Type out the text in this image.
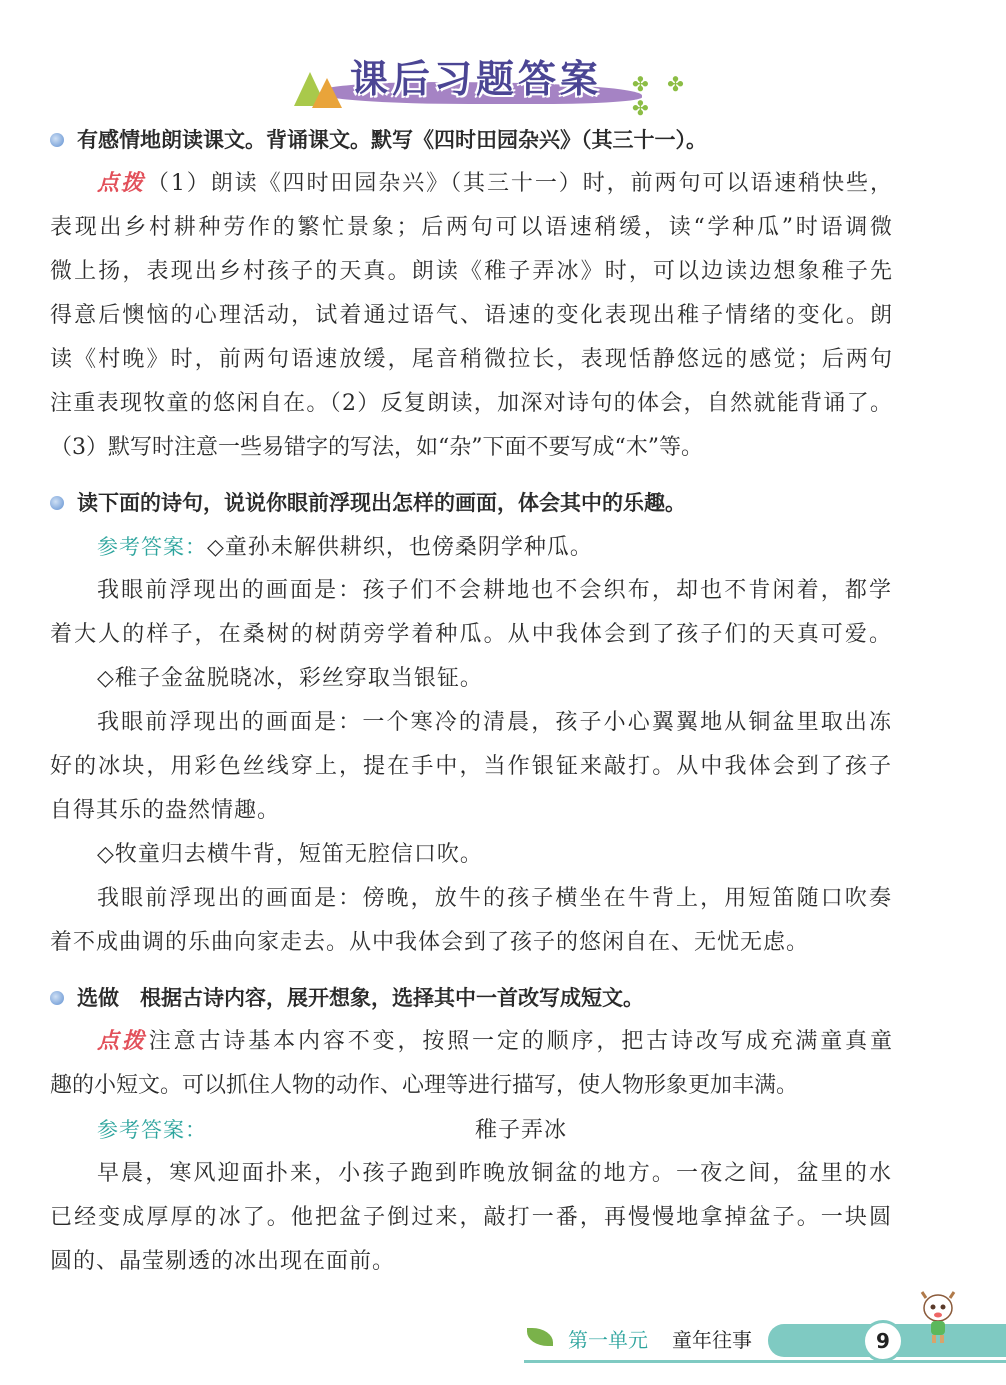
课后习题答案 ✤ ✤ ✤
有感情地朗读课文。背诵课文。默写《四时田园杂兴》（其三十一）。
点拨（1）朗读《四时田园杂兴》（其三十一）时，前两句可以语速稍快些，
表现出乡村耕种劳作的繁忙景象；后两句可以语速稍缓，读“学种瓜”时语调微
微上扬，表现出乡村孩子的天真。朗读《稚子弄冰》时，可以边读边想象稚子先
得意后懊恼的心理活动，试着通过语气、语速的变化表现出稚子情绪的变化。朗
读《村晚》时，前两句语速放缓，尾音稍微拉长，表现恬静悠远的感觉；后两句
注重表现牧童的悠闲自在。（2）反复朗读，加深对诗句的体会，自然就能背诵了。
（3）默写时注意一些易错字的写法，如“杂”下面不要写成“木”等。
读下面的诗句，说说你眼前浮现出怎样的画面，体会其中的乐趣。
参考答案：◇童孙未解供耕织，也傍桑阴学种瓜。
我眼前浮现出的画面是：孩子们不会耕地也不会织布，却也不肯闲着，都学
着大人的样子，在桑树的树荫旁学着种瓜。从中我体会到了孩子们的天真可爱。
◇稚子金盆脱晓冰，彩丝穿取当银钲。
我眼前浮现出的画面是：一个寒冷的清晨，孩子小心翼翼地从铜盆里取出冻
好的冰块，用彩色丝线穿上，提在手中，当作银钲来敲打。从中我体会到了孩子
自得其乐的盎然情趣。
◇牧童归去横牛背，短笛无腔信口吹。
我眼前浮现出的画面是：傍晚，放牛的孩子横坐在牛背上，用短笛随口吹奏
着不成曲调的乐曲向家走去。从中我体会到了孩子的悠闲自在、无忧无虑。
选做　根据古诗内容，展开想象，选择其中一首改写成短文。
点拨注意古诗基本内容不变，按照一定的顺序，把古诗改写成充满童真童
趣的小短文。可以抓住人物的动作、心理等进行描写，使人物形象更加丰满。
参考答案：	稚子弄冰
早晨，寒风迎面扑来，小孩子跑到昨晚放铜盆的地方。一夜之间，盆里的水
已经变成厚厚的冰了。他把盆子倒过来，敲打一番，再慢慢地拿掉盆子。一块圆
圆的、晶莹剔透的冰出现在面前。
第一单元 童年往事	9
